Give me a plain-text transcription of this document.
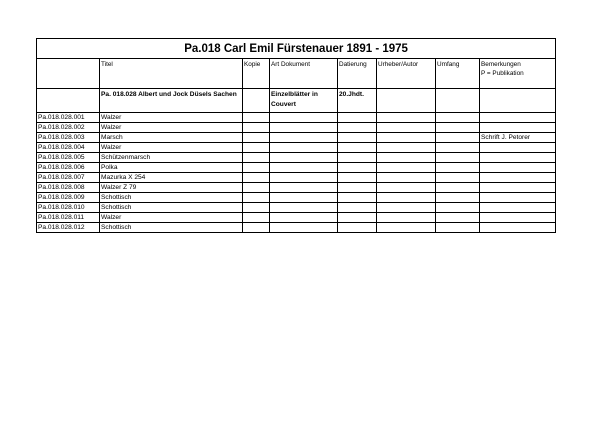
Pa.018 Carl Emil Fürstenauer 1891 - 1975							
	Titel	Kopie	Art Dokument	Datierung	Urheber/Autor	Umfang	Bemerkungen
P = Publikation

	Pa. 018.028 Albert und Jock Düsels Sachen		Einzelblätter in Couvert	20.Jhdt.			
Pa.018.028.001	Walzer						
Pa.018.028.002	Walzer						
Pa.018.028.003	Marsch						Schrift J. Petorer
Pa.018.028.004	Walzer						
Pa.018.028.005	Schützenmarsch						
Pa.018.028.006	Polka						
Pa.018.028.007	Mazurka X 254						
Pa.018.028.008	Walzer Z 79						
Pa.018.028.009	Schottisch						
Pa.018.028.010	Schottisch						
Pa.018.028.011	Walzer						
Pa.018.028.012	Schottisch						
